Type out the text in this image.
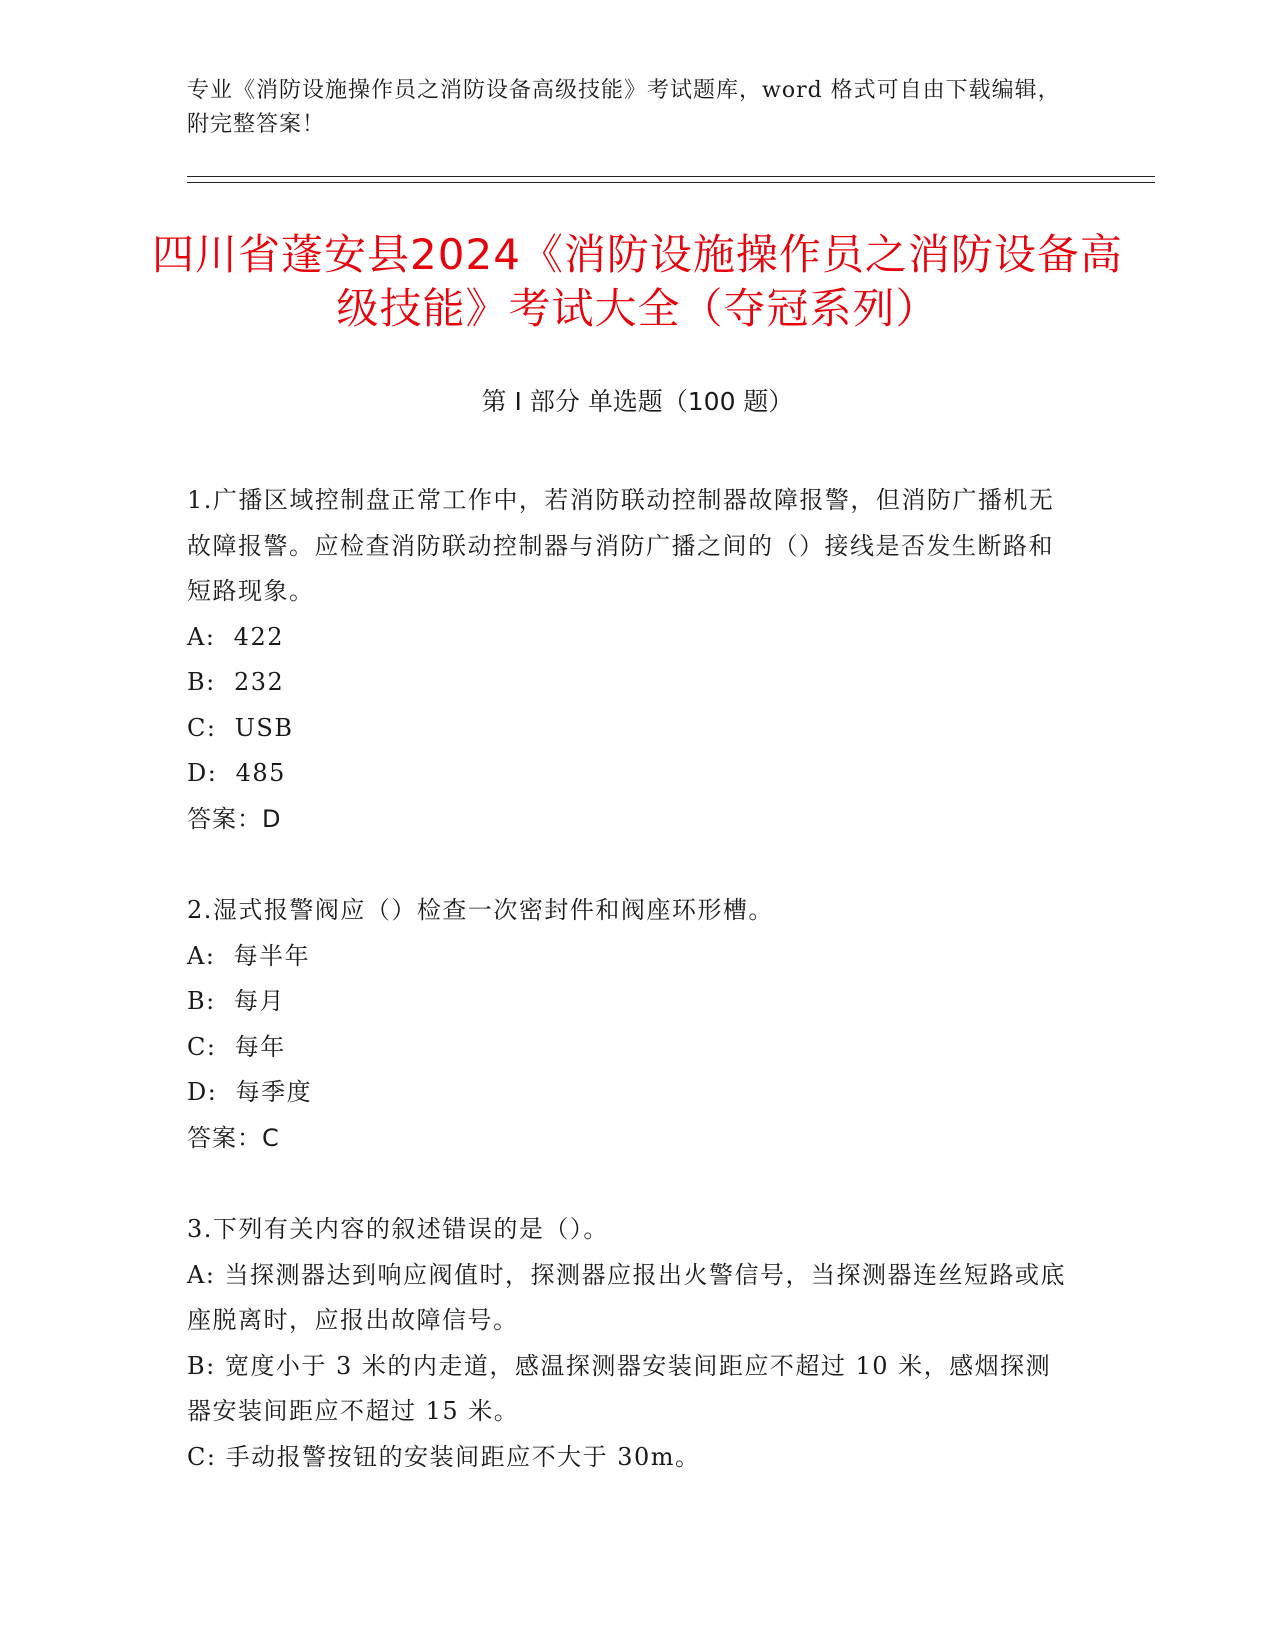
专业《消防设施操作员之消防设备高级技能》考试题库，word 格式可自由下载编辑，附完整答案！
四川省蓬安县2024《消防设施操作员之消防设备高级技能》考试大全（夺冠系列）
第 I 部分 单选题（100 题）

1.广播区域控制盘正常工作中，若消防联动控制器故障报警，但消防广播机无故障报警。应检查消防联动控制器与消防广播之间的（）接线是否发生断路和短路现象。

A:  422

B:  232

C:  USB

D:  485

答案：D

2.湿式报警阀应（）检查一次密封件和阀座环形槽。

A:  每半年

B:  每月

C:  每年

D:  每季度

答案：C

3.下列有关内容的叙述错误的是（）。

A: 当探测器达到响应阀值时，探测器应报出火警信号，当探测器连丝短路或底座脱离时，应报出故障信号。

B: 宽度小于 3 米的内走道，感温探测器安装间距应不超过 10 米，感烟探测器安装间距应不超过 15 米。

C: 手动报警按钮的安装间距应不大于 30m。
